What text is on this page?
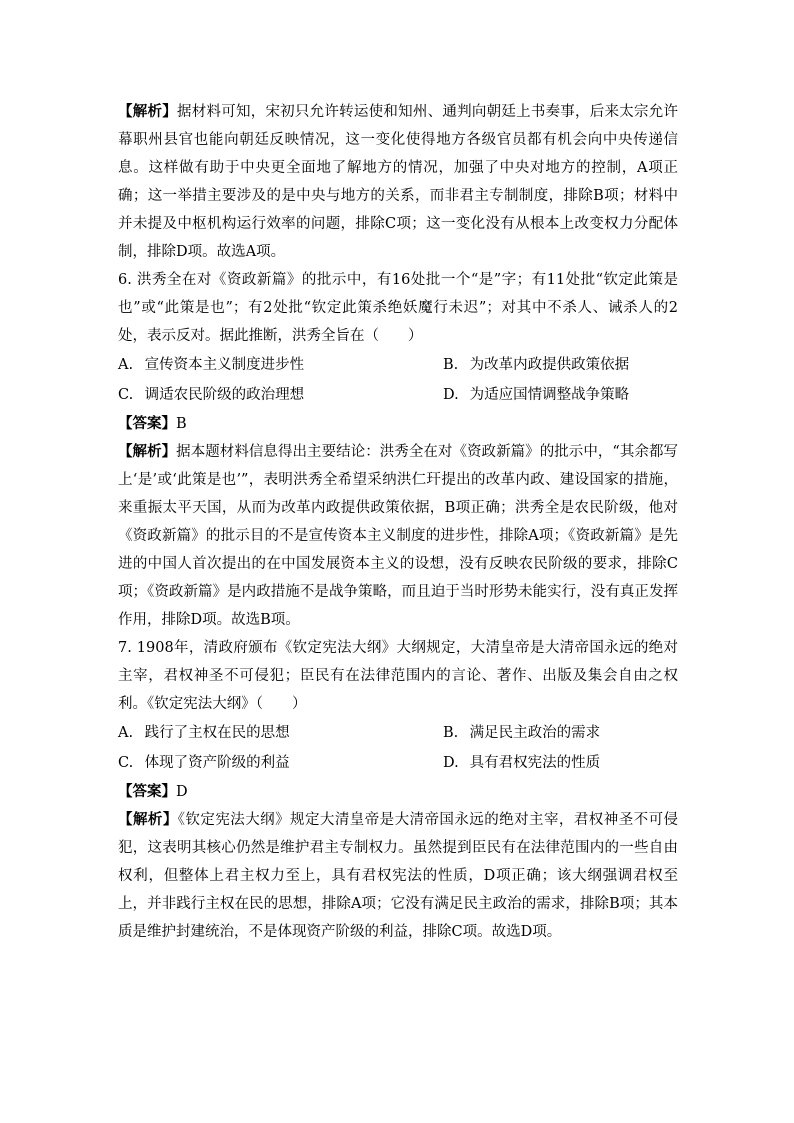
【解析】据材料可知，宋初只允许转运使和知州、通判向朝廷上书奏事，后来太宗允许幕职州县官也能向朝廷反映情况，这一变化使得地方各级官员都有机会向中央传递信息。这样做有助于中央更全面地了解地方的情况，加强了中央对地方的控制，A项正确；这一举措主要涉及的是中央与地方的关系，而非君主专制制度，排除B项；材料中并未提及中枢机构运行效率的问题，排除C项；这一变化没有从根本上改变权力分配体制，排除D项。故选A项。

6. 洪秀全在对《资政新篇》的批示中，有16处批一个“是”字；有11处批“钦定此策是也”或“此策是也”；有2处批“钦定此策杀绝妖魔行未迟”；对其中不杀人、诫杀人的2处，表示反对。据此推断，洪秀全旨在（　　）

A. 宣传资本主义制度进步性	B. 为改革内政提供政策依据
C. 调适农民阶级的政治理想	D. 为适应国情调整战争策略

【答案】B

【解析】据本题材料信息得出主要结论：洪秀全在对《资政新篇》的批示中，“其余都写上‘是’或‘此策是也’”，表明洪秀全希望采纳洪仁玕提出的改革内政、建设国家的措施，来重振太平天国，从而为改革内政提供政策依据，B项正确；洪秀全是农民阶级，他对《资政新篇》的批示目的不是宣传资本主义制度的进步性，排除A项；《资政新篇》是先进的中国人首次提出的在中国发展资本主义的设想，没有反映农民阶级的要求，排除C项；《资政新篇》是内政措施不是战争策略，而且迫于当时形势未能实行，没有真正发挥作用，排除D项。故选B项。

7. 1908年，清政府颁布《钦定宪法大纲》大纲规定，大清皇帝是大清帝国永远的绝对主宰，君权神圣不可侵犯；臣民有在法律范围内的言论、著作、出版及集会自由之权利。《钦定宪法大纲》（　　）

A. 践行了主权在民的思想	B. 满足民主政治的需求
C. 体现了资产阶级的利益	D. 具有君权宪法的性质

【答案】D

【解析】《钦定宪法大纲》规定大清皇帝是大清帝国永远的绝对主宰，君权神圣不可侵犯，这表明其核心仍然是维护君主专制权力。虽然提到臣民有在法律范围内的一些自由权利，但整体上君主权力至上，具有君权宪法的性质，D项正确；该大纲强调君权至上，并非践行主权在民的思想，排除A项；它没有满足民主政治的需求，排除B项；其本质是维护封建统治，不是体现资产阶级的利益，排除C项。故选D项。
